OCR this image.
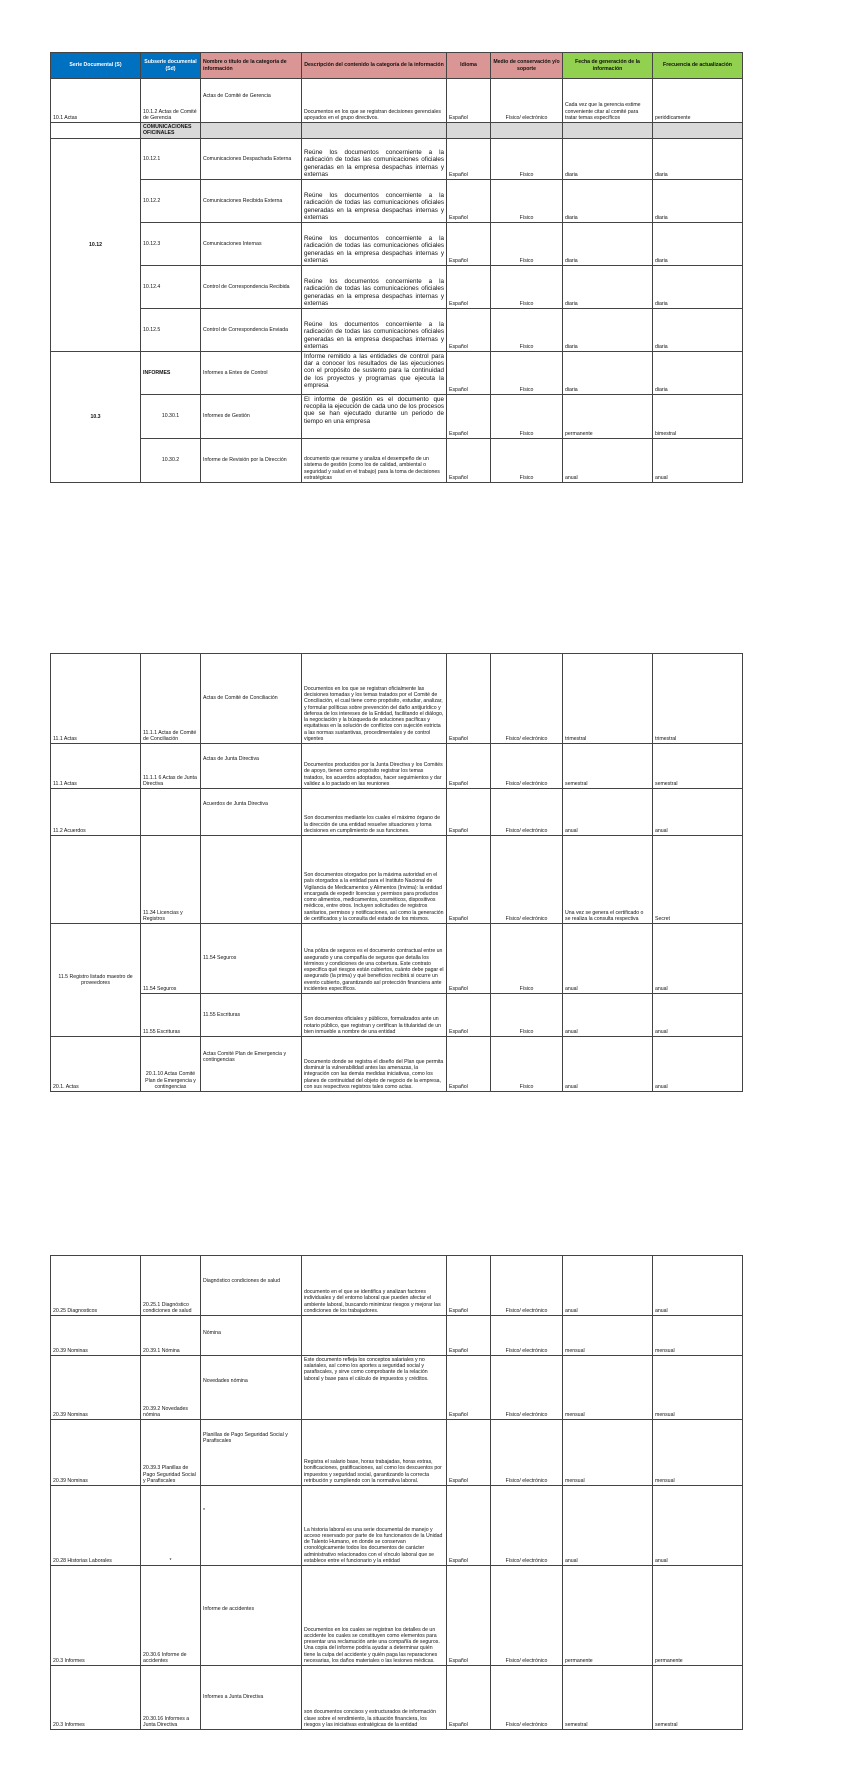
Serie Documental (S)	Subserie documental (Sd)	Nombre o título de la categoría de información	Descripción del contenido la categoría de la información	Idioma	Medio de conservación y/o soporte	Fecha de generación de la información	Frecuencia de actualización
10.1 Actas	10.1.2 Actas de Comité de Gerencia	Actas de Comité de Gerencia	Documentos en los que se registran decisiones gerenciales apoyados en el grupo directivos.	Español	Físico/ electrónico	Cada vez que la gerencia estime conveniente citar al comité para tratar temas específicos	periódicamente
	COMUNICACIONES OFICINALES						
10.12	10.12.1	Comunicaciones Despachada Externa	Reúne los documentos concerniente a la radicación de todas las comunicaciones oficiales generadas en la empresa despachas internas y externas	Español	Físico	diaria	diaria
	10.12.2	Comunicaciones Recibida Externa	Reúne los documentos concerniente a la radicación de todas las comunicaciones oficiales generadas en la empresa despachas internas y externas	Español	Físico	diaria	diaria
	10.12.3	Comunicaciones Internas	Reúne los documentos concerniente a la radicación de todas las comunicaciones oficiales generadas en la empresa despachas internas y externas	Español	Físico	diaria	diaria
	10.12.4	Control de Correspondencia Recibida	Reúne los documentos concerniente a la radicación de todas las comunicaciones oficiales generadas en la empresa despachas internas y externas	Español	Físico	diaria	diaria
	10.12.5	Control de Correspondencia Enviada	Reúne los documentos concerniente a la radicación de todas las comunicaciones oficiales generadas en la empresa despachas internas y externas	Español	Físico	diaria	diaria
10.3	INFORMES	Informes a Entes de Control	Informe remitido a las entidades de control para dar a conocer los resultados de las ejecuciones con el propósito de sustento para la continuidad de los proyectos y programas que ejecuta la empresa	Español	Físico	diaria	diaria
	10.30.1	Informes de Gestión	El informe de gestión es el documento que recopila la ejecución de cada uno de los procesos que se han ejecutado durante un periodo de tiempo en una empresa	Español	Físico	permanente	bimestral
	10.30.2	Informe de Revisión por la Dirección	documento que resume y analiza el desempeño de un sistema de gestión (como los de calidad, ambiental o seguridad y salud en el trabajo) para la toma de decisiones estratégicas	Español	Físico	anual	anual
11.1 Actas	11.1.1 Actas de Comité de Conciliación	Actas de Comité de Conciliación	Documentos en los que se registran oficialmente las decisiones tomadas y los temas tratados por el Comité de Conciliación, el cual tiene como propósito, estudiar, analizar, y formular políticas sobre prevención del daño antijurídico y defensa de los intereses de la Entidad, facilitando el diálogo, la negociación y la búsqueda de soluciones pacíficas y equitativas en la solución de conflictos con sujeción estricta a las normas sustantivas, procedimentales y de control vigentes	Español	Físico/ electrónico	trimestral	trimestral
11.1 Actas	11.1.1 6 Actas de Junta Directiva	Actas de Junta Directiva	Documentos producidos por la Junta Directiva y los Comités de apoyo, tienen como propósito registrar los temas tratados, los acuerdos adoptados, hacer seguimientos y dar validez a lo pactado en las reuniones	Español	Físico/ electrónico	semestral	semestral
11.2 Acuerdos		Acuerdos de Junta Directiva	Son documentos mediante los cuales el máximo órgano de la dirección de una entidad resuelve situaciones y toma decisiones en cumplimiento de sus funciones.	Español	Físico/ electrónico	anual	anual
	11.34 Licencias y Registros		Son documentos otorgados por la máxima autoridad en el país otorgados a la entidad para el Instituto Nacional de Vigilancia de Medicamentos y Alimentos (Invima): la entidad encargada de expedir licencias y permisos para productos como alimentos, medicamentos, cosméticos, dispositivos médicos, entre otros. Incluyen solicitudes de registros sanitarios, permisos y notificaciones, así como la generación de certificados y la consulta del estado de los mismos.	Español	Físico/ electrónico	Una vez se genera el certificado o se realiza la consulta respectiva	Secret
11.5 Registro listado maestro de proveedores	11.54 Seguros	11.54 Seguros	Una póliza de seguros es el documento contractual entre un asegurado y una compañía de seguros que detalla los términos y condiciones de una cobertura. Este contrato especifica qué riesgos están cubiertos, cuánto debe pagar el asegurado (la prima) y qué beneficios recibirá si ocurre un evento cubierto, garantizando así protección financiera ante incidentes específicos.	Español	Físico	anual	anual
	11.55 Escrituras	11.55 Escrituras	Son documentos oficiales y públicos, formalizados ante un notario público, que registran y certifican la titularidad de un bien inmueble a nombre de una entidad	Español	Físico	anual	anual
20.1. Actas	20.1.10 Actas Comité Plan de Emergencia y contingencias	Actas Comité Plan de Emergencia y contingencias	Documento donde se registra el diseño del Plan que permita disminuir la vulnerabilidad antes las amenazas, la integración con las demás medidas iniciativas, como los planes de continuidad del objeto de negocio de la empresa, con sus respectivos registros tales como actas.	Español	Físico	anual	anual
20.25 Diagnosticos	20.25.1 Diagnóstico condiciones de salud	Diagnóstico condiciones de salud	documento en el que se identifica y analizan factores individuales y del entorno laboral que pueden afectar el ambiente laboral, buscando minimizar riesgos y mejorar las condiciones de los trabajadores.	Español	Físico/ electrónico	anual	anual
20.39 Nominas	20.39.1 Nómina	Nómina		Español	Físico/ electrónico	mensual	mensual
20.39 Nominas	20.39.2 Novedades nómina	Novedades nómina	Este documento refleja los conceptos salariales y no salariales, así como los aportes a seguridad social y parafiscales, y sirve como comprobante de la relación laboral y base para el cálculo de impuestos y créditos.	Español	Físico/ electrónico	mensual	mensual
20.39 Nominas	20.39.3 Planillas de Pago Seguridad Social y Parafiscales	Planillas de Pago Seguridad Social y Parafiscales	Registra el salario base, horas trabajadas, horas extras, bonificaciones, gratificaciones, así como los descuentos por impuestos y seguridad social, garantizando la correcta retribución y cumpliendo con la normativa laboral.	Español	Físico/ electrónico	mensual	mensual
20.28 Historias Laborales	*	*	La historia laboral es una serie documental de manejo y acceso reservado por parte de los funcionarios de la Unidad de Talento Humano, en donde se conservan cronológicamente todos los documentos de carácter administrativo relacionados con el vínculo laboral que se establece entre el funcionario y la entidad	Español	Físico/ electrónico	anual	anual
20.3 Informes	20.30.6 Informe de accidentes	Informe de accidentes	Documentos en los cuales se registran los detalles de un accidente los cuales se constituyen como elementos para presentar una reclamación ante una compañía de seguros. Una copia del informe podría ayudar a determinar quién tiene la culpa del accidente y quién paga las reparaciones necesarias, los daños materiales o las lesiones médicas.	Español	Físico/ electrónico	permanente	permanente
20.3 Informes	20.30.16 Informes a Junta Directiva	Informes a Junta Directiva	son documentos concisos y estructurados de información clave sobre el rendimiento, la situación financiera, los riesgos y las iniciativas estratégicas de la entidad	Español	Físico/ electrónico	semestral	semestral
